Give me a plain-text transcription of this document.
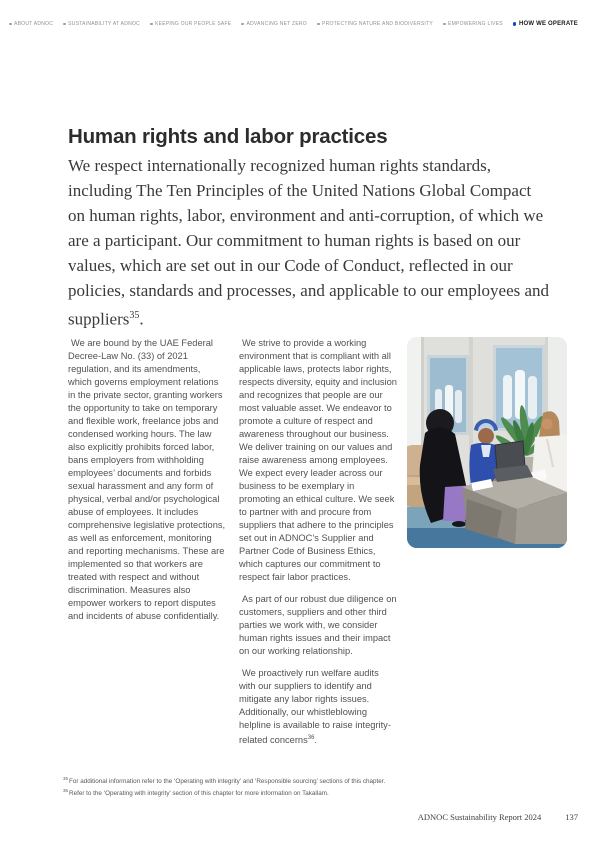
ABOUT ADNOC	SUSTAINABILITY AT ADNOC	KEEPING OUR PEOPLE SAFE	ADVANCING NET ZERO	PROTECTING NATURE AND BIODIVERSITY	EMPOWERING LIVES	HOW WE OPERATE
Human rights and labor practices

We respect internationally recognized human rights standards, including The Ten Principles of the United Nations Global Compact on human rights, labor, environment and anti-corruption, of which we are a participant. Our commitment to human rights is based on our values, which are set out in our Code of Conduct, reflected in our policies, standards and processes, and applicable to our employees and suppliers$^{35}$.

We are bound by the UAE Federal Decree-Law No. (33) of 2021 regulation, and its amendments, which governs employment relations in the private sector, granting workers the opportunity to take on temporary and flexible work, freelance jobs and condensed working hours. The law also explicitly prohibits forced labor, bans employers from withholding employees’ documents and forbids sexual harassment and any form of physical, verbal and/or psychological abuse of employees. It includes comprehensive legislative protections, as well as enforcement, monitoring and reporting mechanisms. These are implemented so that workers are treated with respect and without discrimination. Measures also empower workers to report disputes and incidents of abuse confidentially.

We strive to provide a working environment that is compliant with all applicable laws, protects labor rights, respects diversity, equity and inclusion and recognizes that people are our most valuable asset. We endeavor to promote a culture of respect and awareness throughout our business. We deliver training on our values and raise awareness among employees. We expect every leader across our business to be exemplary in promoting an ethical culture. We seek to partner with and procure from suppliers that adhere to the principles set out in ADNOC’s Supplier and Partner Code of Business Ethics, which captures our commitment to respect fair labor practices.

As part of our robust due diligence on customers, suppliers and other third parties we work with, we consider human rights issues and their impact on our working relationship.

We proactively run welfare audits with our suppliers to identify and mitigate any labor rights issues. Additionally, our whistleblowing helpline is available to raise integrity-related concerns$^{36}$.

$^{35}$For additional information refer to the ‘Operating with integrity’ and ‘Responsible sourcing’ sections of this chapter.
$^{36}$Refer to the ‘Operating with integrity’ section of this chapter for more information on Takallam.
ADNOC Sustainability Report 2024	137
